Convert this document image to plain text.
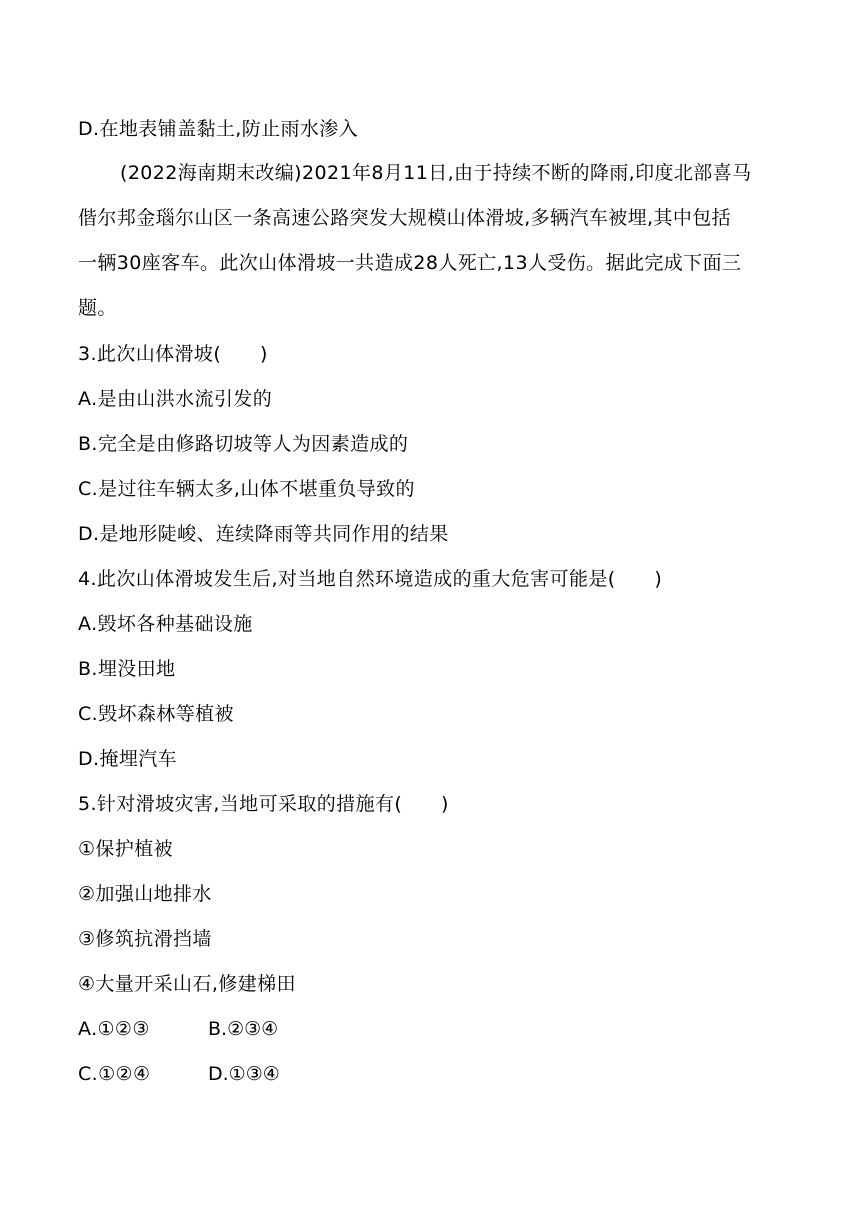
D.在地表铺盖黏土,防止雨水渗入
(2022海南期末改编)2021年8月11日,由于持续不断的降雨,印度北部喜马
偕尔邦金瑙尔山区一条高速公路突发大规模山体滑坡,多辆汽车被埋,其中包括
一辆30座客车。此次山体滑坡一共造成28人死亡,13人受伤。据此完成下面三
题。
3.此次山体滑坡(　　)
A.是由山洪水流引发的
B.完全是由修路切坡等人为因素造成的
C.是过往车辆太多,山体不堪重负导致的
D.是地形陡峻、连续降雨等共同作用的结果
4.此次山体滑坡发生后,对当地自然环境造成的重大危害可能是(　　)
A.毁坏各种基础设施
B.埋没田地
C.毁坏森林等植被
D.掩埋汽车
5.针对滑坡灾害,当地可采取的措施有(　　)
①保护植被
②加强山地排水
③修筑抗滑挡墙
④大量开采山石,修建梯田
A.①②③	B.②③④
C.①②④	D.①③④
